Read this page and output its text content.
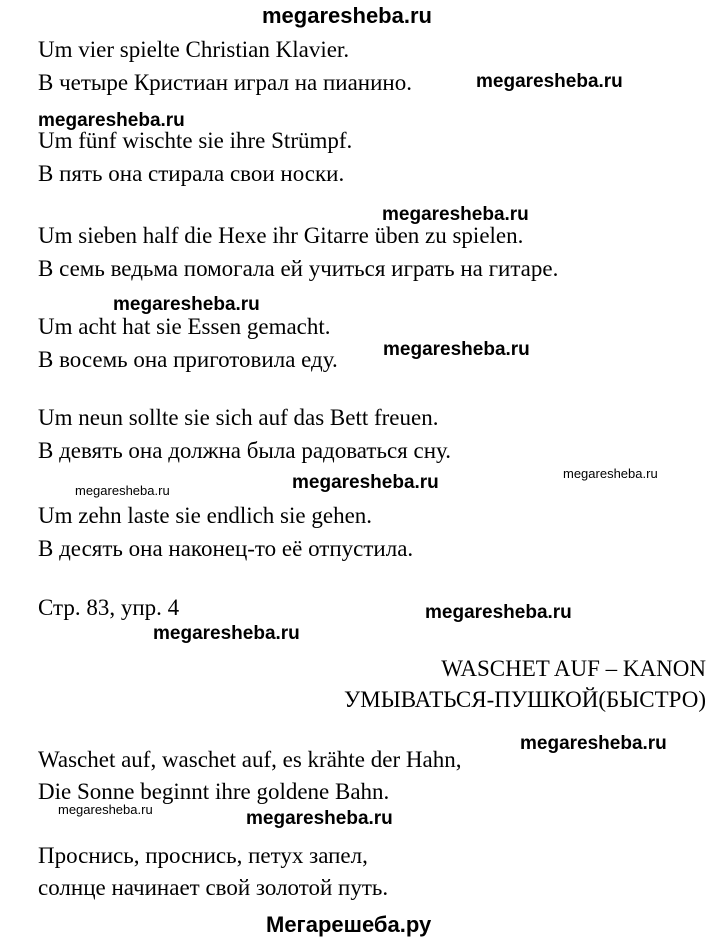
megaresheba.ru
Um vier spielte Christian Klavier.
В четыре Кристиан играл на пианино.
Um fünf wischte sie ihre Strümpf.
В пять она стирала свои носки.
Um sieben half die Hexe ihr Gitarre üben zu spielen.
В семь ведьма помогала ей учиться играть на гитаре.
Um acht hat sie Essen gemacht.
В восемь она приготовила еду.
Um neun sollte sie sich auf das Bett freuen.
В девять она должна была радоваться сну.
Um zehn laste sie endlich sie gehen.
В десять она наконец-то её отпустила.
Стр. 83, упр. 4
WASCHET AUF – KANON
УМЫВАТЬСЯ-ПУШКОЙ(БЫСТРО)
Waschet auf, waschet auf, es krähte der Hahn,
Die Sonne beginnt ihre goldene Bahn.
Проснись, проснись, петух запел,
солнце начинает свой золотой путь.
megaresheba.ru
megaresheba.ru
megaresheba.ru
megaresheba.ru
megaresheba.ru
megaresheba.ru	megaresheba.ru
megaresheba.ru
megaresheba.ru
megaresheba.ru
megaresheba.ru
megaresheba.ru	megaresheba.ru
Мегарешеба.ру
